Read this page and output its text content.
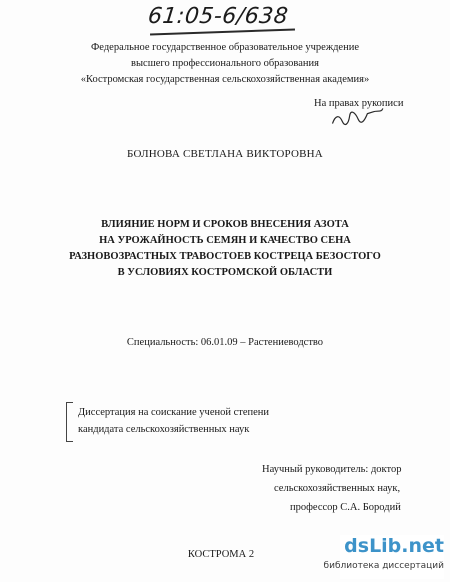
61:05-6/638
Федеральное государственное образовательное учреждение
высшего профессионального образования
«Костромская государственная сельскохозяйственная академия»
На правах рукописи
БОЛНОВА СВЕТЛАНА ВИКТОРОВНА
ВЛИЯНИЕ НОРМ И СРОКОВ ВНЕСЕНИЯ АЗОТА
НА УРОЖАЙНОСТЬ СЕМЯН И КАЧЕСТВО СЕНА
РАЗНОВОЗРАСТНЫХ ТРАВОСТОЕВ КОСТРЕЦА БЕЗОСТОГО
В УСЛОВИЯХ КОСТРОМСКОЙ ОБЛАСТИ
Специальность: 06.01.09 – Растениеводство
Диссертация на соискание ученой степени
кандидата сельскохозяйственных наук
Научный руководитель: доктор
сельскохозяйственных наук,
профессор С.А. Бородий
КОСТРОМА 2	dsLib.net
библиотека диссертаций
